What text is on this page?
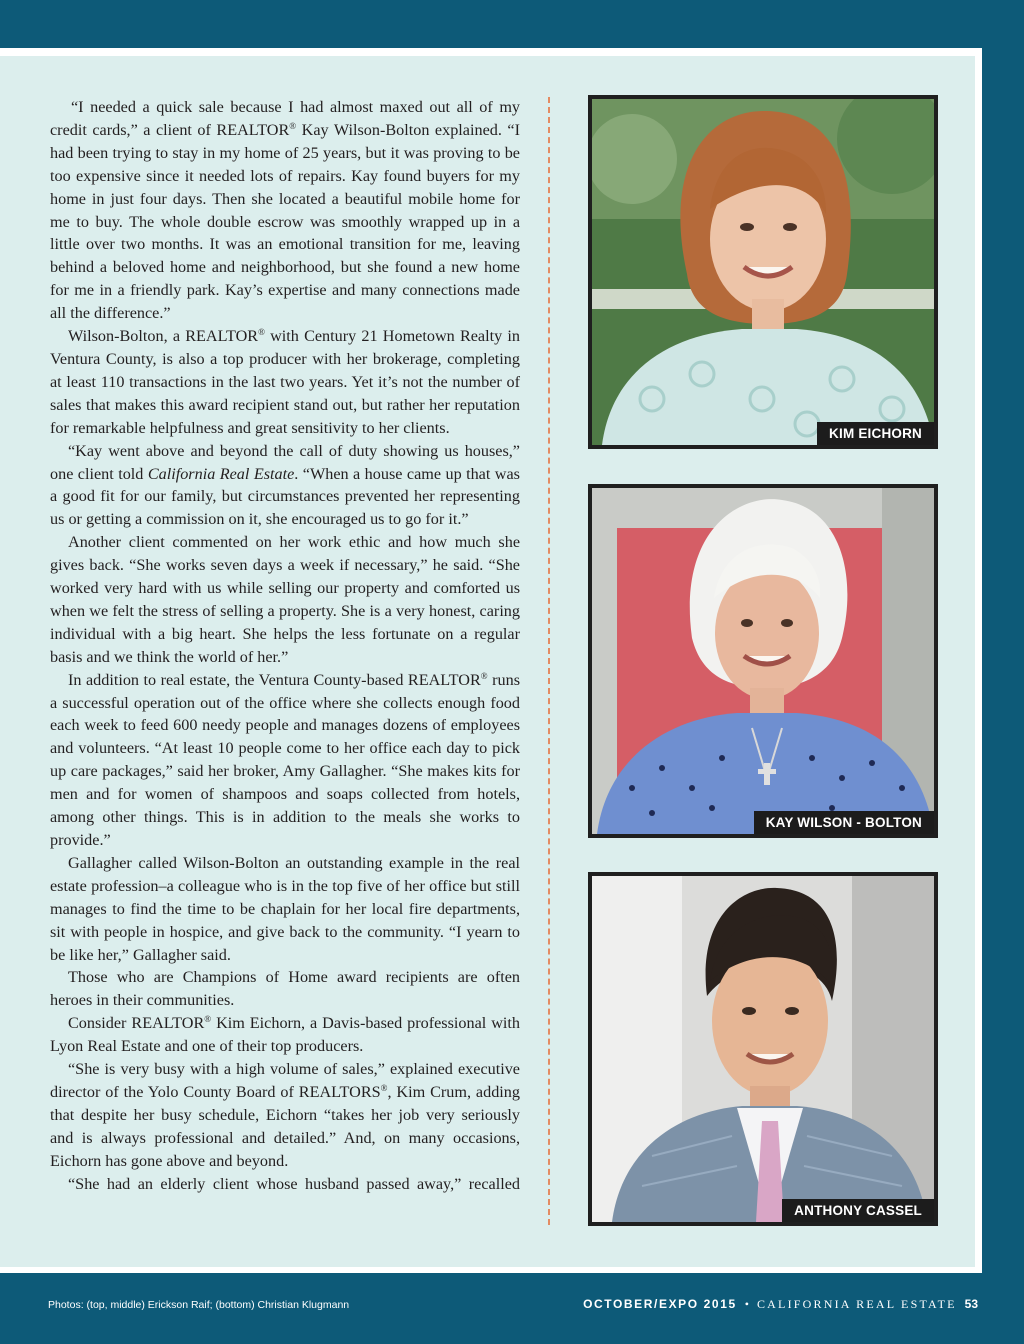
“I needed a quick sale because I had almost maxed out all of my credit cards,” a client of REALTOR® Kay Wilson-Bolton explained. “I had been trying to stay in my home of 25 years, but it was proving to be too expensive since it needed lots of repairs. Kay found buyers for my home in just four days. Then she located a beautiful mobile home for me to buy. The whole double escrow was smoothly wrapped up in a little over two months. It was an emotional transition for me, leaving behind a beloved home and neighborhood, but she found a new home for me in a friendly park. Kay’s expertise and many connections made all the difference.”

Wilson-Bolton, a REALTOR® with Century 21 Hometown Realty in Ventura County, is also a top producer with her brokerage, completing at least 110 transactions in the last two years. Yet it’s not the number of sales that makes this award recipient stand out, but rather her reputation for remarkable helpfulness and great sensitivity to her clients.

“Kay went above and beyond the call of duty showing us houses,” one client told California Real Estate. “When a house came up that was a good fit for our family, but circumstances prevented her representing us or getting a commission on it, she encouraged us to go for it.”

Another client commented on her work ethic and how much she gives back. “She works seven days a week if necessary,” he said. “She worked very hard with us while selling our property and comforted us when we felt the stress of selling a property. She is a very honest, caring individual with a big heart. She helps the less fortunate on a regular basis and we think the world of her.”

In addition to real estate, the Ventura County-based REALTOR® runs a successful operation out of the office where she collects enough food each week to feed 600 needy people and manages dozens of employees and volunteers. “At least 10 people come to her office each day to pick up care packages,” said her broker, Amy Gallagher. “She makes kits for men and for women of shampoos and soaps collected from hotels, among other things. This is in addition to the meals she works to provide.”

Gallagher called Wilson-Bolton an outstanding example in the real estate profession–a colleague who is in the top five of her office but still manages to find the time to be chaplain for her local fire departments, sit with people in hospice, and give back to the community. “I yearn to be like her,” Gallagher said.

Those who are Champions of Home award recipients are often heroes in their communities.

Consider REALTOR® Kim Eichorn, a Davis-based professional with Lyon Real Estate and one of their top producers.

“She is very busy with a high volume of sales,” explained executive director of the Yolo County Board of REALTORS®, Kim Crum, adding that despite her busy schedule, Eichorn “takes her job very seriously and is always professional and detailed.” And, on many occasions, Eichorn has gone above and beyond.

“She had an elderly client whose husband passed away,” recalled

KIM EICHORN
KAY WILSON - BOLTON
ANTHONY CASSEL
Photos: (top, middle) Erickson Raif; (bottom) Christian Klugmann	OCTOBER/EXPO 2015 • CALIFORNIA REAL ESTATE 53
